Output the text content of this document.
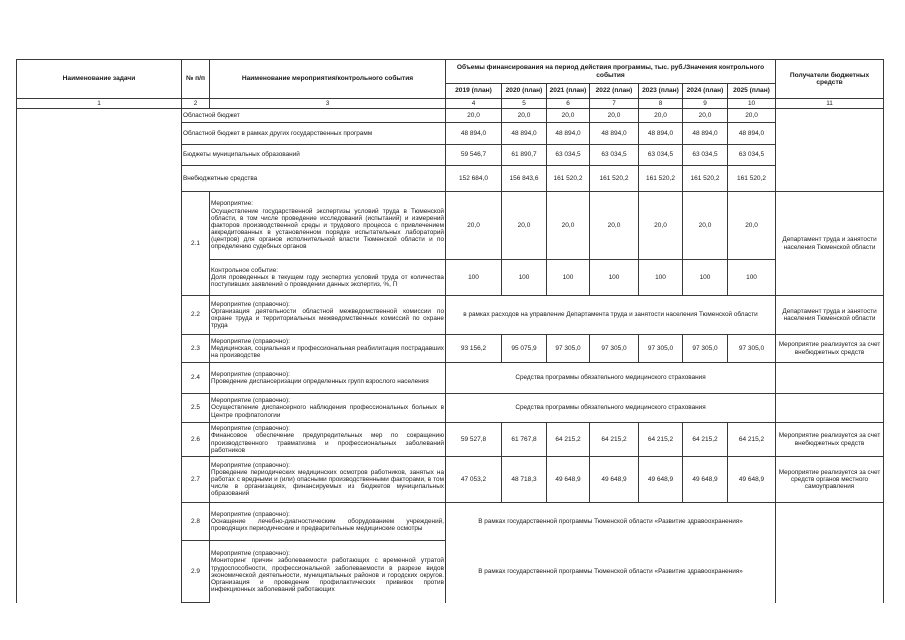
Наименование задачи	№ п/п	Наименование мероприятия/контрольного события	Объемы финансирования на период действия программы, тыс. руб./Значения контрольного события							Получатели бюджетных средств
			2019 (план)	2020 (план)	2021 (план)	2022 (план)	2023 (план)	2024 (план)	2025 (план)	
1	2	3	4	5	6	7	8	9	10	11
	Областной бюджет		20,0	20,0	20,0	20,0	20,0	20,0	20,0	
	Областной бюджет в рамках других государственных программ		48 894,0	48 894,0	48 894,0	48 894,0	48 894,0	48 894,0	48 894,0	
	Бюджеты муниципальных образований		59 546,7	61 890,7	63 034,5	63 034,5	63 034,5	63 034,5	63 034,5	
	Внебюджетные средства		152 684,0	156 843,6	161 520,2	161 520,2	161 520,2	161 520,2	161 520,2	
	2.1	Мероприятие:
Осуществление государственной экспертизы условий труда в Тюменской области, в том числе проведение исследований (испытаний) и измерений факторов производственной среды и трудового процесса с привлечением аккредитованных в установленном порядке испытательных лабораторий (центров) для органов исполнительной власти Тюменской области и по определению судебных органов	20,0	20,0	20,0	20,0	20,0	20,0	20,0	Департамент труда и занятости населения Тюменской области

		Контрольное событие:
Доля проведенных в текущем году экспертиз условий труда от количества поступивших заявлений о проведении данных экспертиз, %, П	100	100	100	100	100	100	100	
	2.2	Мероприятие (справочно):
Организация деятельности областной межведомственной комиссии по охране труда и территориальных межведомственных комиссий по охране труда	в рамках расходов на управление Департамента труда и занятости населения Тюменской области							Департамент труда и занятости населения Тюменской области
	2.3	Мероприятие (справочно):
Медицинская, социальная и профессиональная реабилитация пострадавших на производстве	93 156,2	95 075,9	97 305,0	97 305,0	97 305,0	97 305,0	97 305,0	Мероприятие реализуется за счет внебюджетных средств
	2.4	Мероприятие (справочно):
Проведение диспансеризации определенных групп взрослого населения	Средства программы обязательного медицинского страхования							
	2.5	Мероприятие (справочно):
Осуществление диспансерного наблюдения профессиональных больных в Центре профпатологии	Средства программы обязательного медицинского страхования							
	2.6	Мероприятие (справочно):
Финансовое обеспечение предупредительных мер по сокращению производственного травматизма и профессиональных заболеваний работников	59 527,8	61 767,8	64 215,2	64 215,2	64 215,2	64 215,2	64 215,2	Мероприятие реализуется за счет внебюджетных средств
	2.7	Мероприятие (справочно):
Проведение периодических медицинских осмотров работников, занятых на работах с вредными и (или) опасными производственными факторами, в том числе в организациях, финансируемых из бюджетов муниципальных образований	47 053,2	48 718,3	49 648,9	49 648,9	49 648,9	49 648,9	49 648,9	Мероприятие реализуется за счет средств органов местного самоуправления
	2.8	Мероприятие (справочно):
Оснащение лечебно-диагностическим оборудованием учреждений, проводящих периодические и предварительные медицинские осмотры	В рамках государственной программы Тюменской области «Развитие здравоохранения»							
	2.9	Мероприятие (справочно):
Мониторинг причин заболеваемости работающих с временной утратой трудоспособности, профессиональной заболеваемости в разрезе видов экономической деятельности, муниципальных районов и городских округов. Организация и проведение профилактических прививок против инфекционных заболеваний работающих	В рамках государственной программы Тюменской области «Развитие здравоохранения»							
